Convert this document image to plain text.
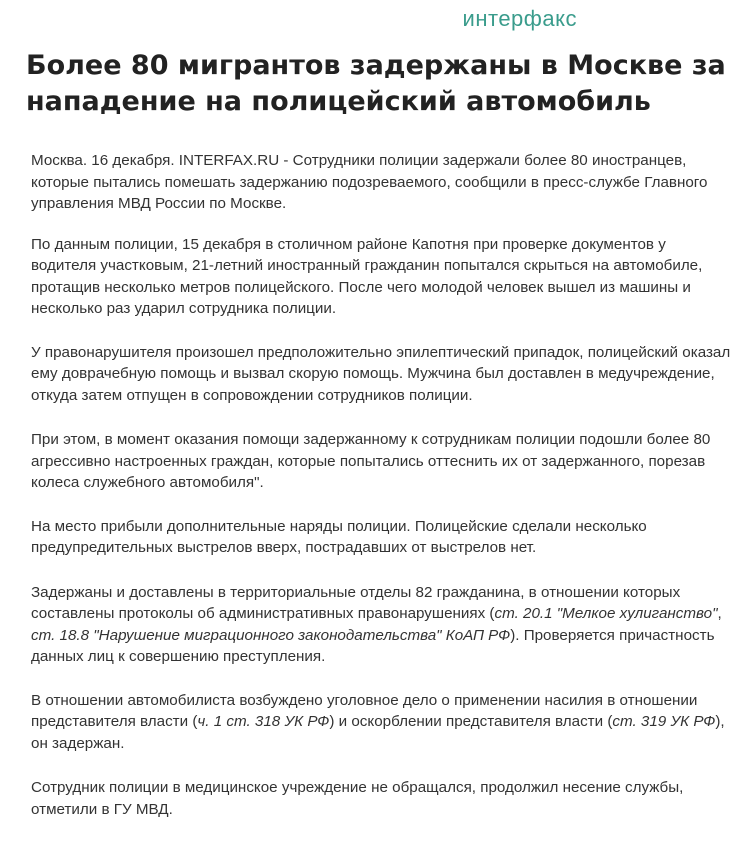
интерфакс
Более 80 мигрантов задержаны в Москве за нападение на полицейский автомобиль

Москва. 16 декабря. INTERFAX.RU - Сотрудники полиции задержали более 80 иностранцев, которые пытались помешать задержанию подозреваемого, сообщили в пресс-службе Главного управления МВД России по Москве.

По данным полиции, 15 декабря в столичном районе Капотня при проверке документов у водителя участковым, 21-летний иностранный гражданин попытался скрыться на автомобиле, протащив несколько метров полицейского. После чего молодой человек вышел из машины и несколько раз ударил сотрудника полиции.

У правонарушителя произошел предположительно эпилептический припадок, полицейский оказал ему доврачебную помощь и вызвал скорую помощь. Мужчина был доставлен в медучреждение, откуда затем отпущен в сопровождении сотрудников полиции.

При этом, в момент оказания помощи задержанному к сотрудникам полиции подошли более 80 агрессивно настроенных граждан, которые попытались оттеснить их от задержанного, порезав колеса служебного автомобиля".

На место прибыли дополнительные наряды полиции. Полицейские сделали несколько предупредительных выстрелов вверх, пострадавших от выстрелов нет.

Задержаны и доставлены в территориальные отделы 82 гражданина, в отношении которых составлены протоколы об административных правонарушениях (ст. 20.1 "Мелкое хулиганство", ст. 18.8 "Нарушение миграционного законодательства" КоАП РФ). Проверяется причастность данных лиц к совершению преступления.

В отношении автомобилиста возбуждено уголовное дело о применении насилия в отношении представителя власти (ч. 1 ст. 318 УК РФ) и оскорблении представителя власти (ст. 319 УК РФ), он задержан.

Сотрудник полиции в медицинское учреждение не обращался, продолжил несение службы, отметили в ГУ МВД.
